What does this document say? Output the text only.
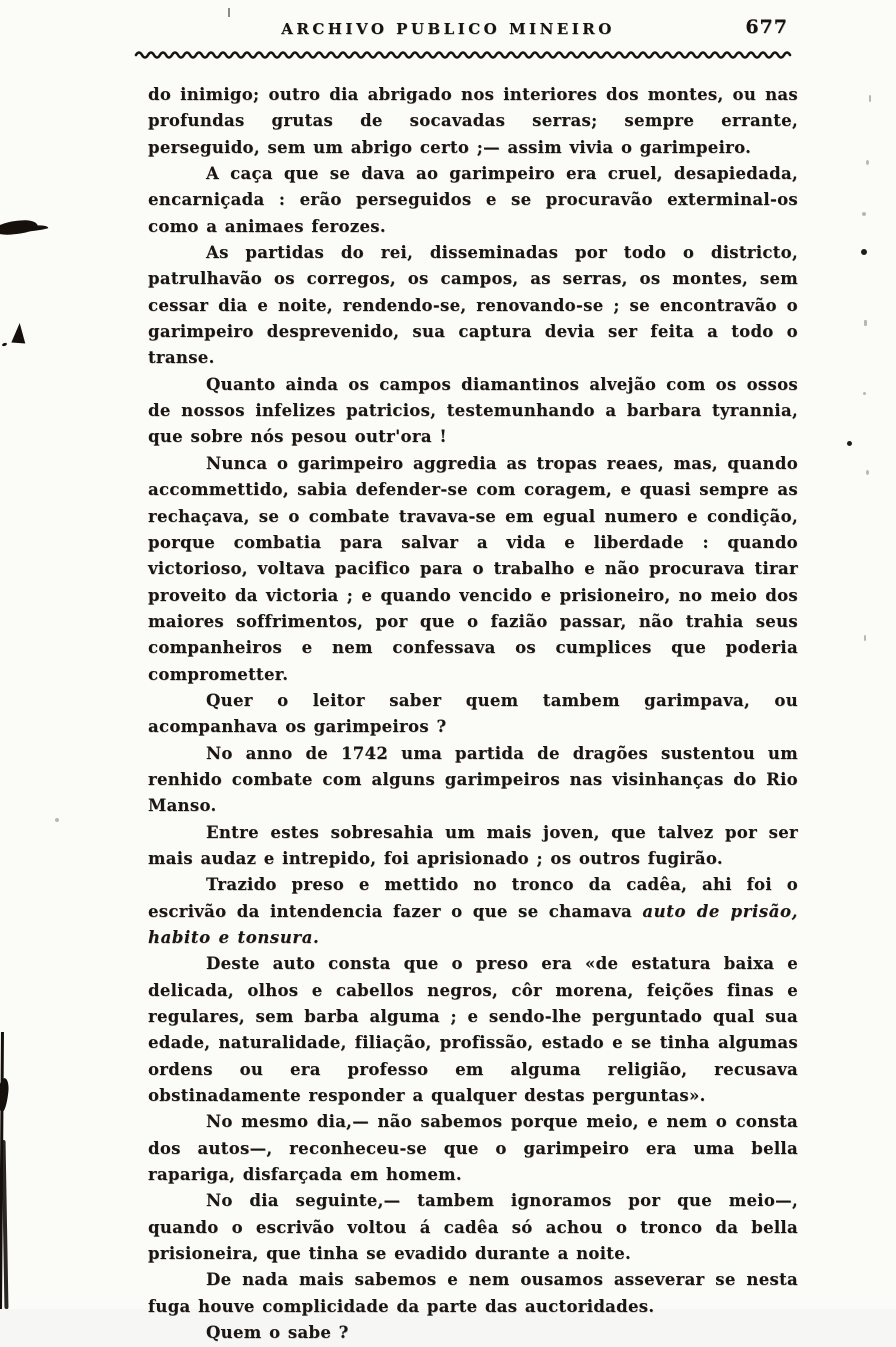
ARCHIVO PUBLICO MINEIRO	677

do inimigo; outro dia abrigado nos interiores dos montes, ou nas profundas grutas de socavadas serras; sempre errante, perseguido, sem um abrigo certo ;— assim vivia o garimpeiro.

A caça que se dava ao garimpeiro era cruel, desapiedada, encarniçada : erão perseguidos e se procuravão exterminal-os como a animaes ferozes.

As partidas do rei, disseminadas por todo o districto, patrulhavão os corregos, os campos, as serras, os montes, sem cessar dia e noite, rendendo-se, renovando-se ; se encontravão o garimpeiro desprevenido, sua captura devia ser feita a todo o transe.

Quanto ainda os campos diamantinos alvejão com os ossos de nossos infelizes patricios, testemunhando a barbara tyrannia, que sobre nós pesou outr'ora !

Nunca o garimpeiro aggredia as tropas reaes, mas, quando accommettido, sabia defender-se com coragem, e quasi sempre as rechaçava, se o combate travava-se em egual numero e condição, porque combatia para salvar a vida e liberdade : quando victorioso, voltava pacifico para o trabalho e não procurava tirar proveito da victoria ; e quando vencido e prisioneiro, no meio dos maiores soffrimentos, por que o fazião passar, não trahia seus companheiros e nem confessava os cumplices que poderia comprometter.

Quer o leitor saber quem tambem garimpava, ou acompanhava os garimpeiros ?

No anno de 1742 uma partida de dragões sustentou um renhido combate com alguns garimpeiros nas visinhanças do Rio Manso.

Entre estes sobresahia um mais joven, que talvez por ser mais audaz e intrepido, foi aprisionado ; os outros fugirão.

Trazido preso e mettido no tronco da cadêa, ahi foi o escrivão da intendencia fazer o que se chamava auto de prisão, habito e tonsura.

Deste auto consta que o preso era «de estatura baixa e delicada, olhos e cabellos negros, côr morena, feições finas e regulares, sem barba alguma ; e sendo-lhe perguntado qual sua edade, naturalidade, filiação, profissão, estado e se tinha algumas ordens ou era professo em alguma religião, recusava obstinadamente responder a qualquer destas perguntas».

No mesmo dia,— não sabemos porque meio, e nem o consta dos autos—, reconheceu-se que o garimpeiro era uma bella rapariga, disfarçada em homem.

No dia seguinte,— tambem ignoramos por que meio—, quando o escrivão voltou á cadêa só achou o tronco da bella prisioneira, que tinha se evadido durante a noite.

De nada mais sabemos e nem ousamos asseverar se nesta fuga houve complicidade da parte das auctoridades.

Quem o sabe ?
